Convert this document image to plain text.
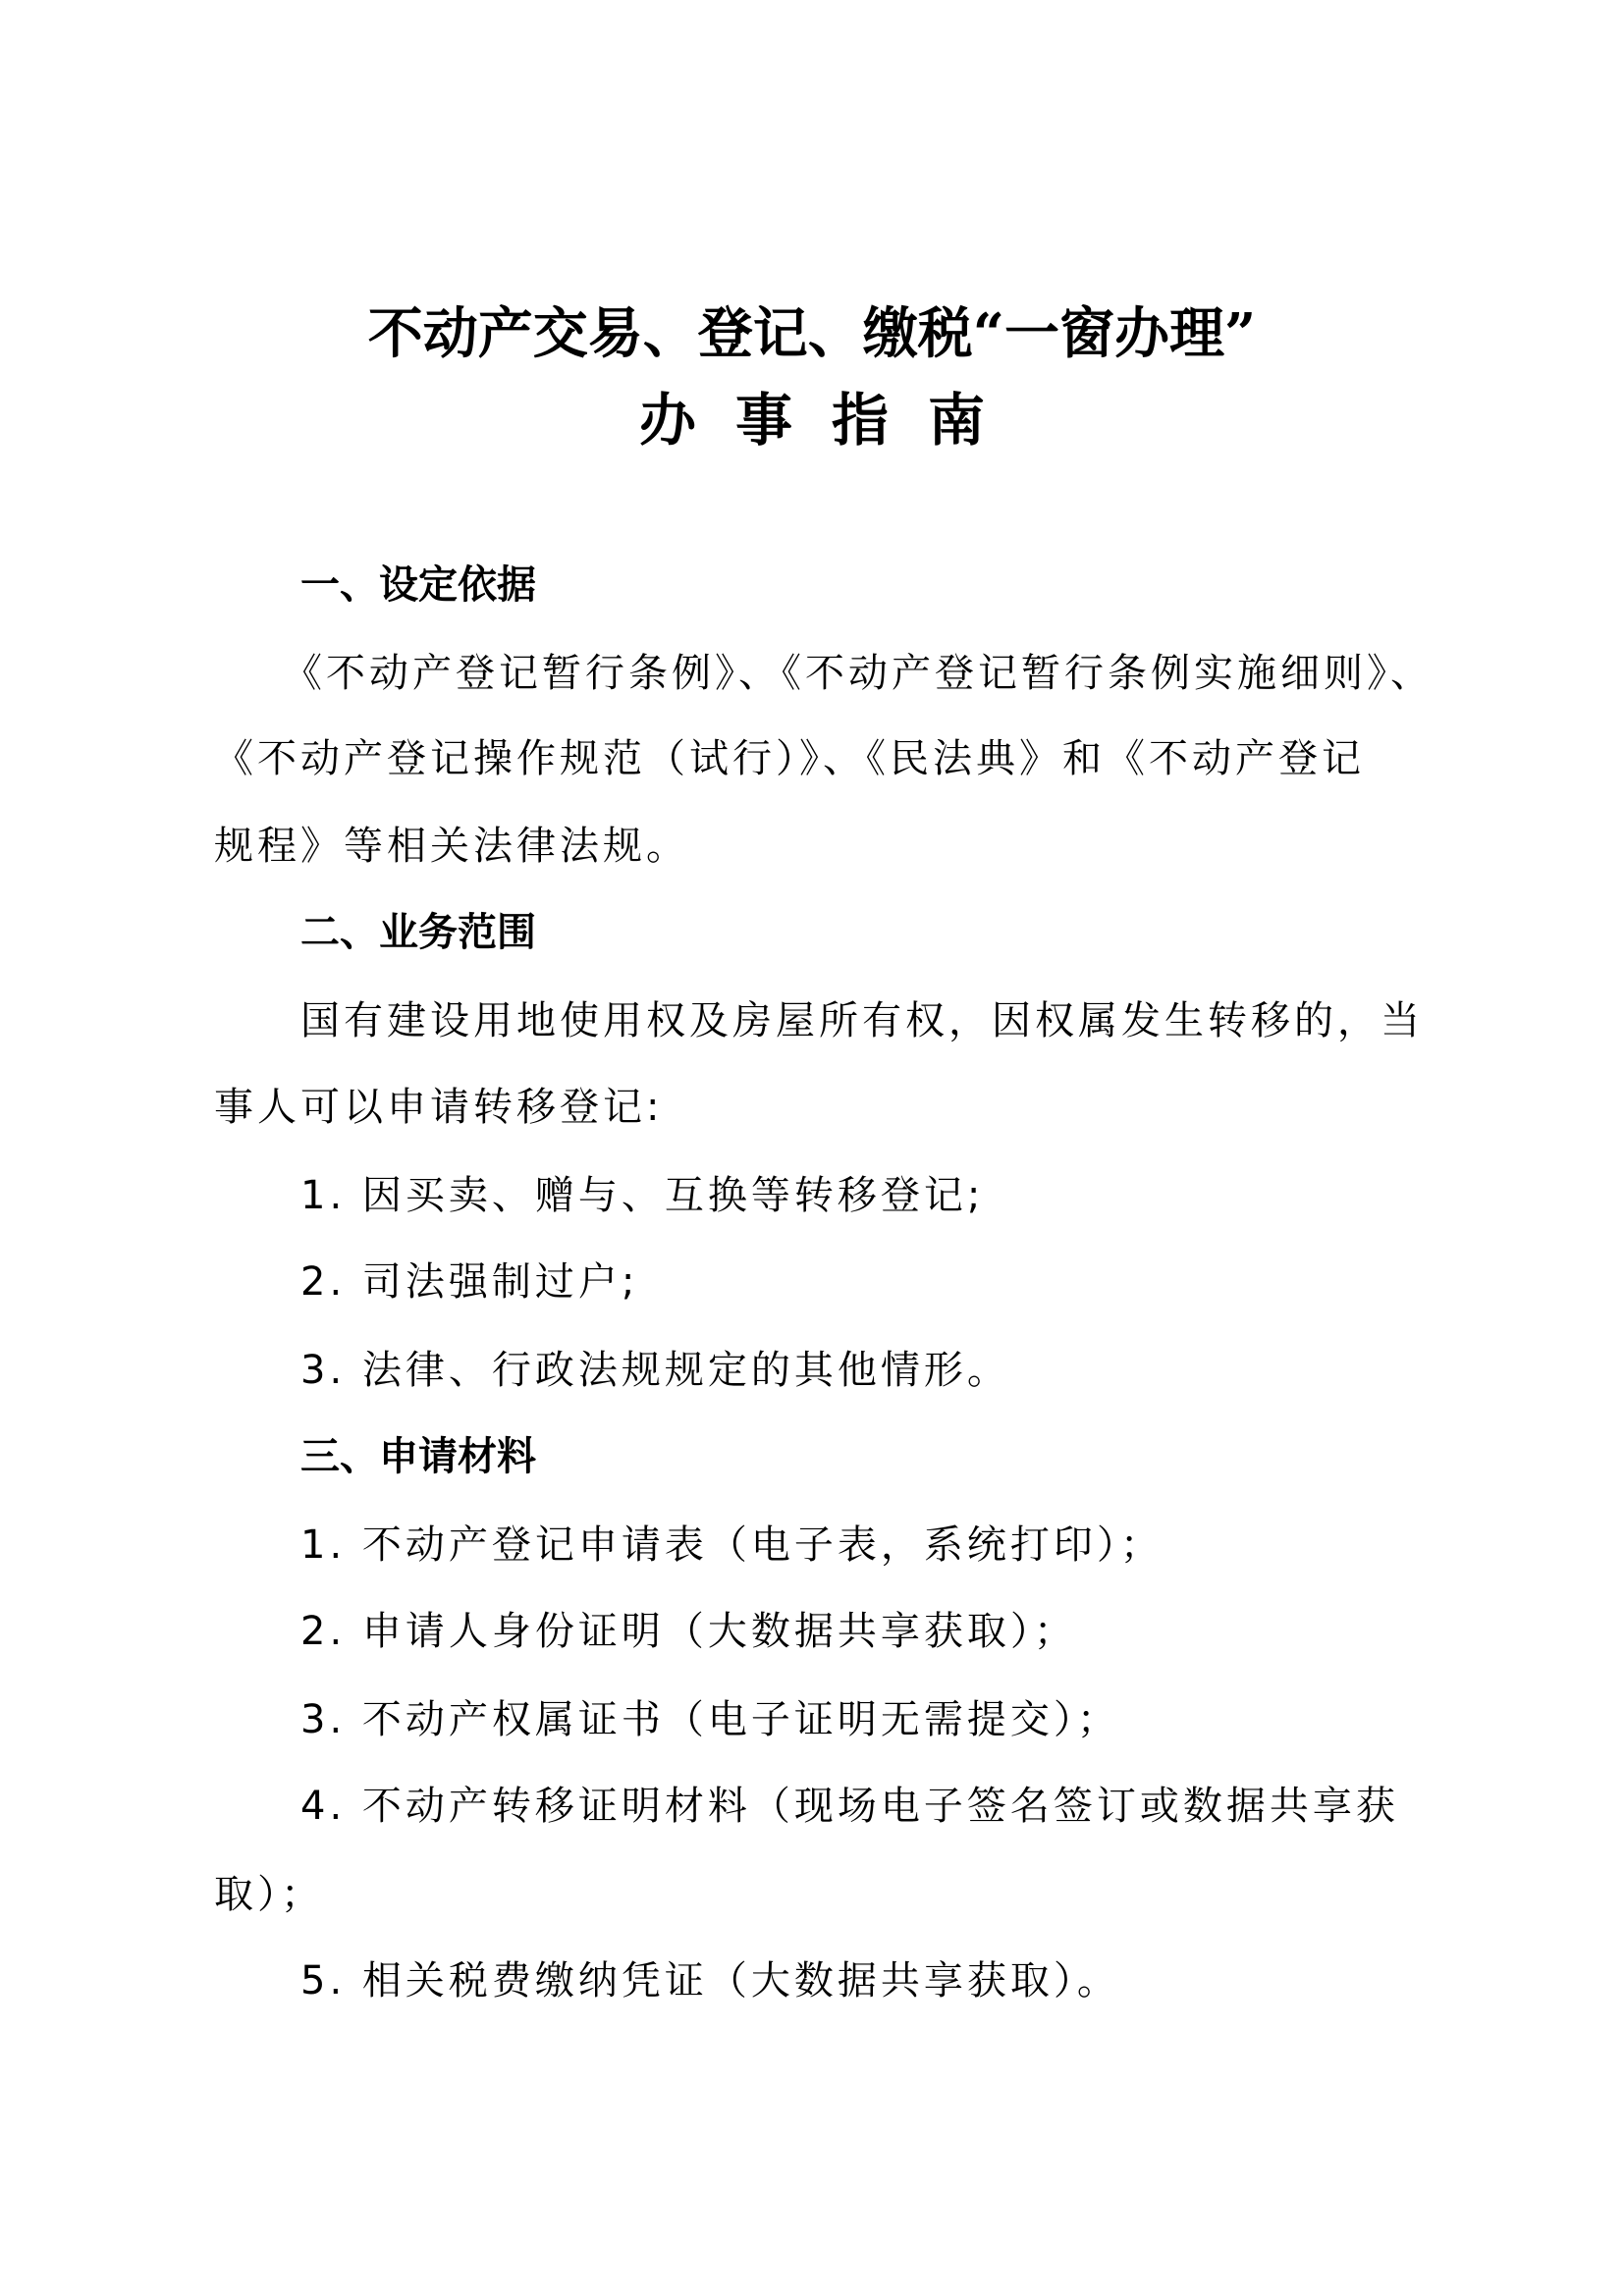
不动产交易、登记、缴税“一窗办理”
办事指南
一、设定依据
《不动产登记暂行条例》、《不动产登记暂行条例实施细则》、
《不动产登记操作规范（试行）》、《民法典》和《不动产登记
规程》等相关法律法规。
二、业务范围
国有建设用地使用权及房屋所有权，因权属发生转移的，当
事人可以申请转移登记:
1. 因买卖、赠与、互换等转移登记;
2. 司法强制过户;
3. 法律、行政法规规定的其他情形。
三、申请材料
1. 不动产登记申请表（电子表，系统打印）；
2. 申请人身份证明（大数据共享获取）；
3. 不动产权属证书（电子证明无需提交）；
4. 不动产转移证明材料（现场电子签名签订或数据共享获
取）；
5. 相关税费缴纳凭证（大数据共享获取）。
